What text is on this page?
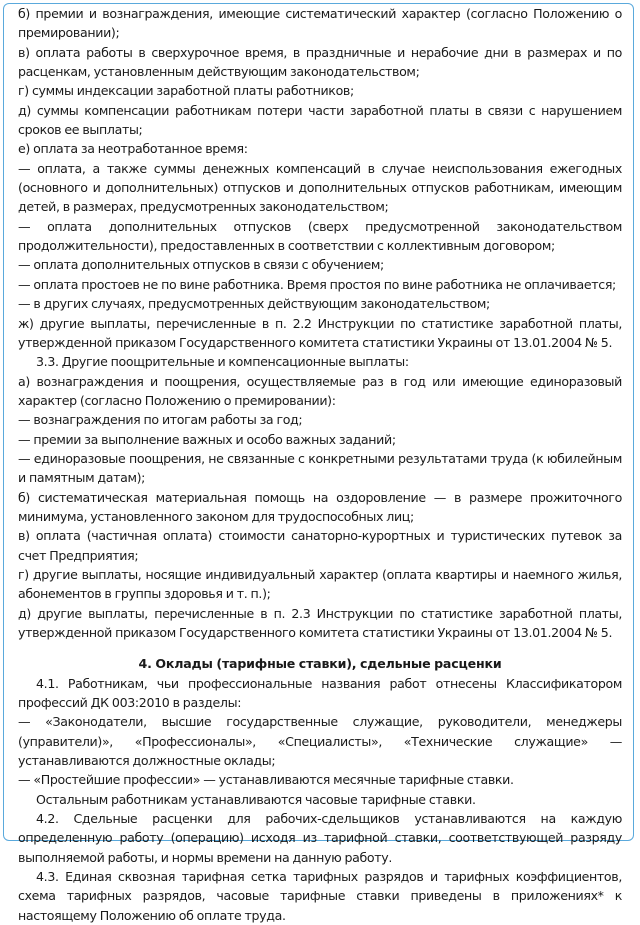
б) премии и вознаграждения, имеющие систематический характер (согласно Положению о премировании);

в) оплата работы в сверхурочное время, в праздничные и нерабочие дни в размерах и по расценкам, установленным действующим законодательством;

г) суммы индексации заработной платы работников;

д) суммы компенсации работникам потери части заработной платы в связи с нарушением сроков ее выплаты;

е) оплата за неотработанное время:

— оплата, а также суммы денежных компенсаций в случае неиспользования ежегодных (основного и дополнительных) отпусков и дополнительных отпусков работникам, имеющим детей, в размерах, предусмотренных законодательством;

— оплата дополнительных отпусков (сверх предусмотренной законодательством продолжительности), предоставленных в соответствии с коллективным договором;

— оплата дополнительных отпусков в связи с обучением;

— оплата простоев не по вине работника. Время простоя по вине работника не оплачивается;

— в других случаях, предусмотренных действующим законодательством;

ж) другие выплаты, перечисленные в п. 2.2 Инструкции по статистике заработной платы, утвержденной приказом Государственного комитета статистики Украины от 13.01.2004 № 5.

3.3. Другие поощрительные и компенсационные выплаты:

а) вознаграждения и поощрения, осуществляемые раз в год или имеющие единоразовый характер (согласно Положению о премировании):

— вознаграждения по итогам работы за год;

— премии за выполнение важных и особо важных заданий;

— единоразовые поощрения, не связанные с конкретными результатами труда (к юбилейным и памятным датам);

б) систематическая материальная помощь на оздоровление — в размере прожиточного минимума, установленного законом для трудоспособных лиц;

в) оплата (частичная оплата) стоимости санаторно-курортных и туристических путевок за счет Предприятия;

г) другие выплаты, носящие индивидуальный характер (оплата квартиры и наемного жилья, абонементов в группы здоровья и т. п.);

д) другие выплаты, перечисленные в п. 2.3 Инструкции по статистике заработной платы, утвержденной приказом Государственного комитета статистики Украины от 13.01.2004 № 5.

4. Оклады (тарифные ставки), сдельные расценки

4.1. Работникам, чьи профессиональные названия работ отнесены Классификатором профессий ДК 003:2010 в разделы:

— «Законодатели, высшие государственные служащие, руководители, менеджеры (управители)», «Профессионалы», «Специалисты», «Технические служащие» — устанавливаются должностные оклады;

— «Простейшие профессии» — устанавливаются месячные тарифные ставки.

Остальным работникам устанавливаются часовые тарифные ставки.

4.2. Сдельные расценки для рабочих-сдельщиков устанавливаются на каждую определенную работу (операцию) исходя из тарифной ставки, соответствующей разряду выполняемой работы, и нормы времени на данную работу.

4.3. Единая сквозная тарифная сетка тарифных разрядов и тарифных коэффициентов, схема тарифных разрядов, часовые тарифные ставки приведены в приложениях* к настоящему Положению об оплате труда.
